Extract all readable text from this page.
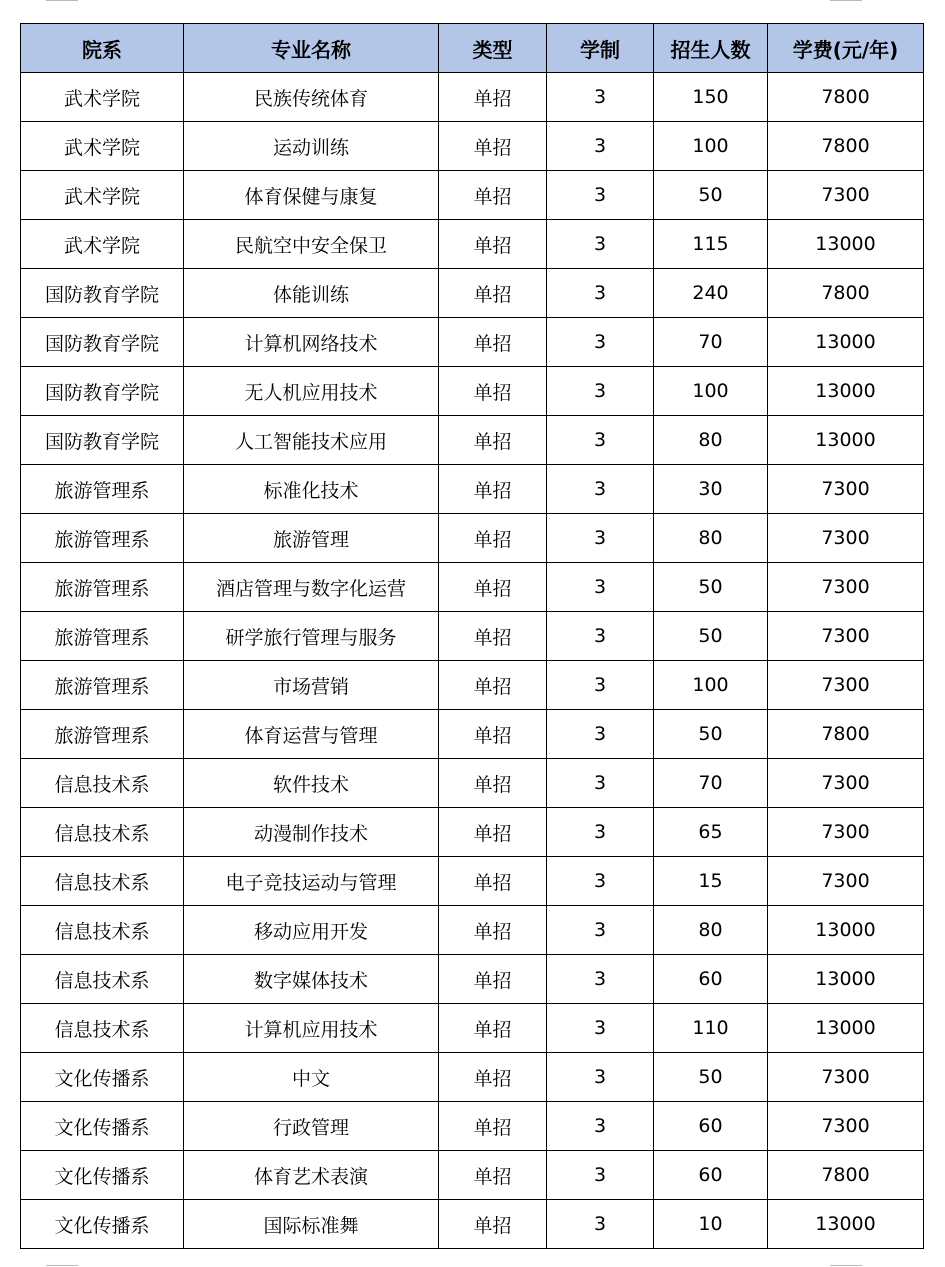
院系	专业名称	类型	学制	招生人数	学费(元/年)
武术学院	民族传统体育	单招	3	150	7800
武术学院	运动训练	单招	3	100	7800
武术学院	体育保健与康复	单招	3	50	7300
武术学院	民航空中安全保卫	单招	3	115	13000
国防教育学院	体能训练	单招	3	240	7800
国防教育学院	计算机网络技术	单招	3	70	13000
国防教育学院	无人机应用技术	单招	3	100	13000
国防教育学院	人工智能技术应用	单招	3	80	13000
旅游管理系	标准化技术	单招	3	30	7300
旅游管理系	旅游管理	单招	3	80	7300
旅游管理系	酒店管理与数字化运营	单招	3	50	7300
旅游管理系	研学旅行管理与服务	单招	3	50	7300
旅游管理系	市场营销	单招	3	100	7300
旅游管理系	体育运营与管理	单招	3	50	7800
信息技术系	软件技术	单招	3	70	7300
信息技术系	动漫制作技术	单招	3	65	7300
信息技术系	电子竞技运动与管理	单招	3	15	7300
信息技术系	移动应用开发	单招	3	80	13000
信息技术系	数字媒体技术	单招	3	60	13000
信息技术系	计算机应用技术	单招	3	110	13000
文化传播系	中文	单招	3	50	7300
文化传播系	行政管理	单招	3	60	7300
文化传播系	体育艺术表演	单招	3	60	7800
文化传播系	国际标准舞	单招	3	10	13000
